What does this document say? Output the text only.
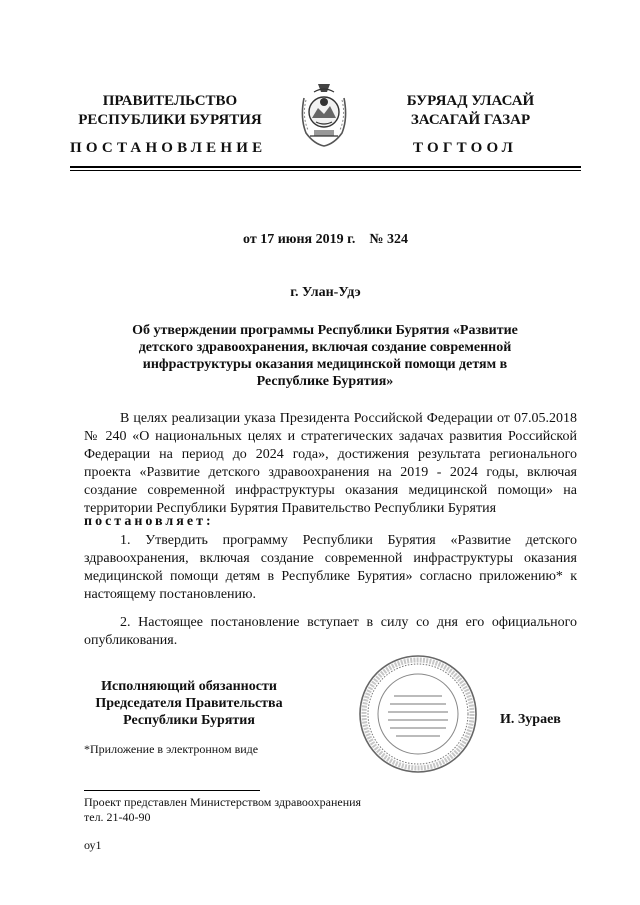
ПРАВИТЕЛЬСТВО
РЕСПУБЛИКИ БУРЯТИЯ
БУРЯАД УЛАСАЙ
ЗАСАГАЙ ГАЗАР
ПОСТАНОВЛЕНИЕ	ТОГТООЛ
от 17 июня 2019 г. № 324
г. Улан-Удэ
Об утверждении программы Республики Бурятия «Развитие детского здравоохранения, включая создание современной инфраструктуры оказания медицинской помощи детям в Республике Бурятия»
В целях реализации указа Президента Российской Федерации от 07.05.2018 № 240 «О национальных целях и стратегических задачах развития Российской Федерации на период до 2024 года», достижения результата регионального проекта «Развитие детского здравоохранения на 2019 - 2024 годы, включая создание современной инфраструктуры оказания медицинской помощи» на территории Республики Бурятия Правительство Республики Бурятия
постановляет:
1. Утвердить программу Республики Бурятия «Развитие детского здравоохранения, включая создание современной инфраструктуры оказания медицинской помощи детям в Республике Бурятия» согласно приложению* к настоящему постановлению.
2. Настоящее постановление вступает в силу со дня его официального опубликования.
Исполняющий обязанности
Председателя Правительства
Республики Бурятия	И. Зураев
*Приложение в электронном виде
Проект представлен Министерством здравоохранения
тел. 21-40-90
оу1
